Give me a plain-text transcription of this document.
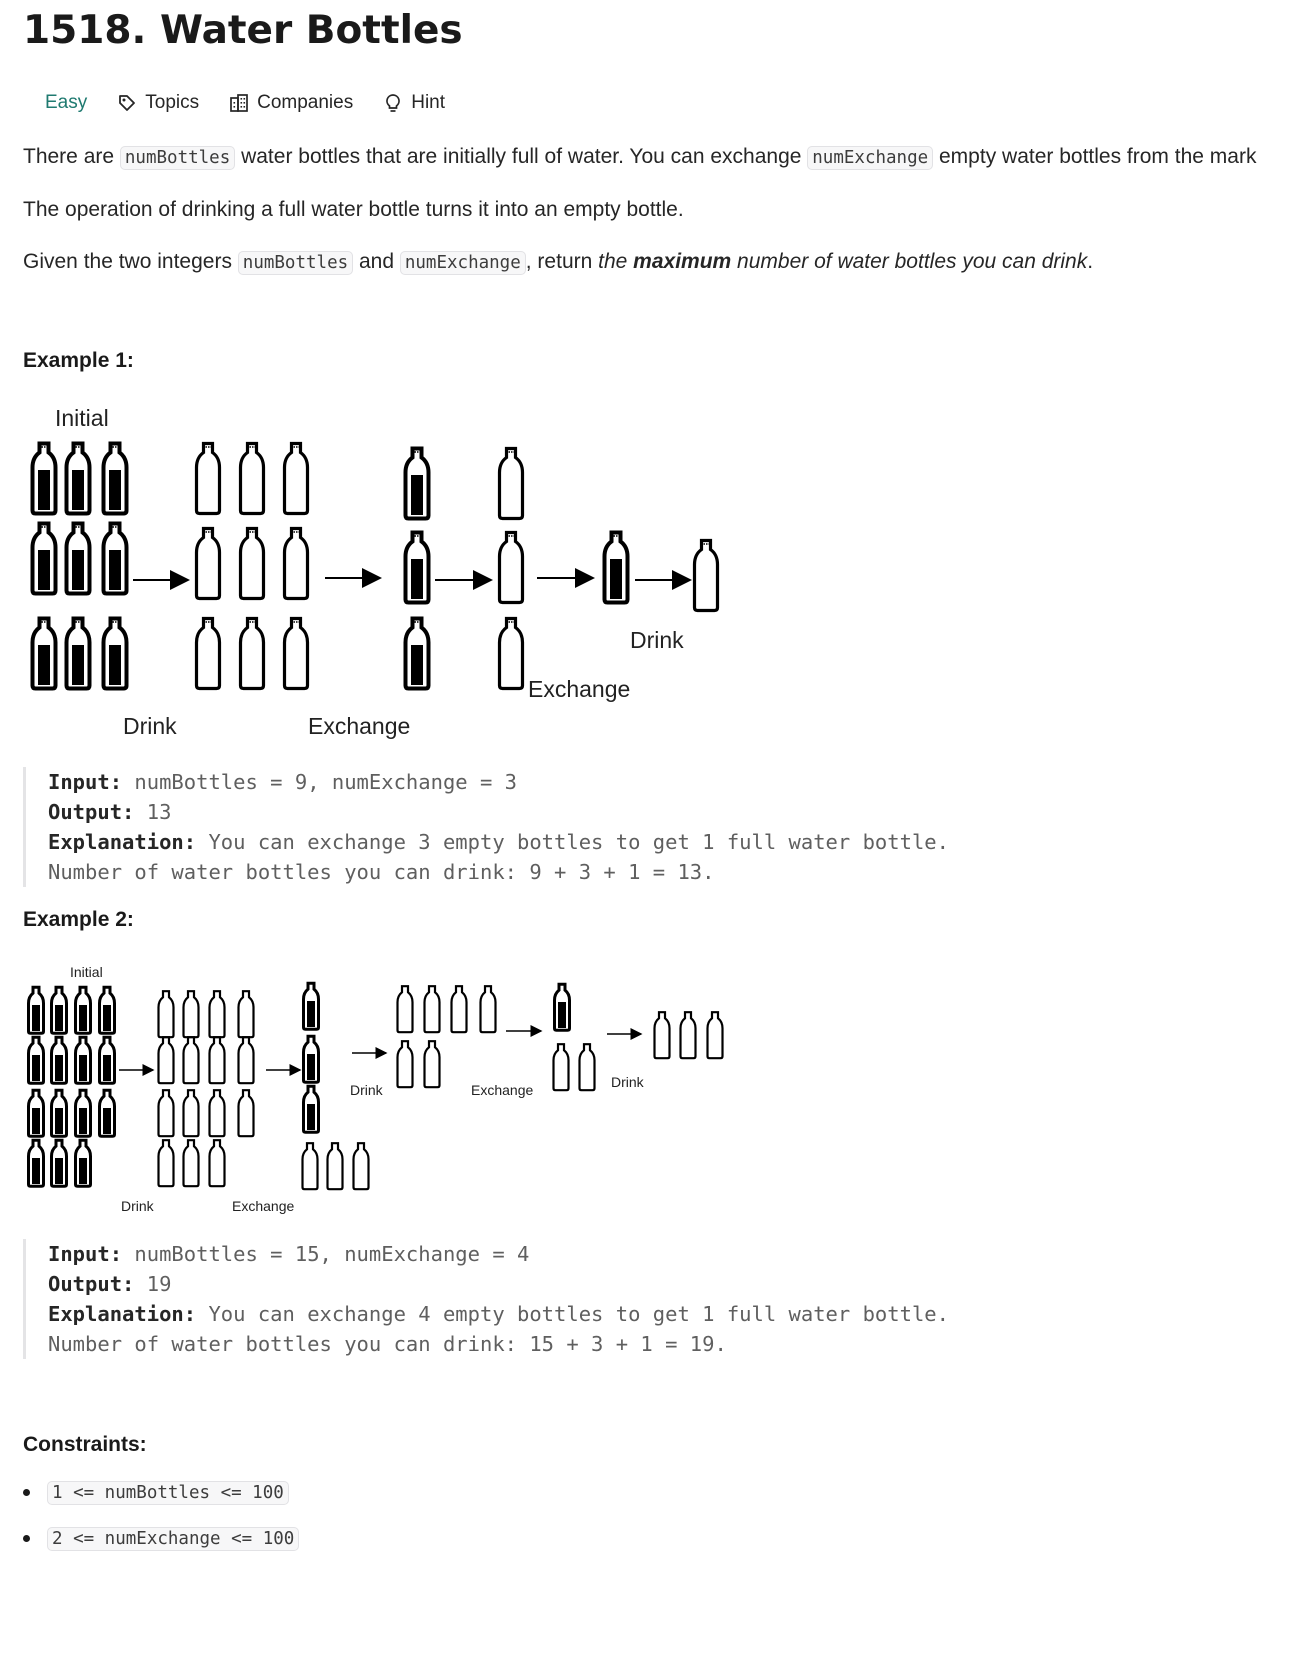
1518. Water Bottles
Easy	Topics	Companies	Hint
There are numBottles water bottles that are initially full of water. You can exchange numExchange empty water bottles from the mark
The operation of drinking a full water bottle turns it into an empty bottle.
Given the two integers numBottles and numExchange , return the maximum number of water bottles you can drink.
Example 1:
Initial
Drink	Exchange
Exchange
Drink
Input: numBottles = 9, numExchange = 3
Output: 13
Explanation: You can exchange 3 empty bottles to get 1 full water bottle.
Number of water bottles you can drink: 9 + 3 + 1 = 13.
Example 2:
Initial
Drink	Exchange	Drink
Drink	Exchange
Input: numBottles = 15, numExchange = 4
Output: 19
Explanation: You can exchange 4 empty bottles to get 1 full water bottle.
Number of water bottles you can drink: 15 + 3 + 1 = 19.
Constraints:
1 <= numBottles <= 100
2 <= numExchange <= 100
